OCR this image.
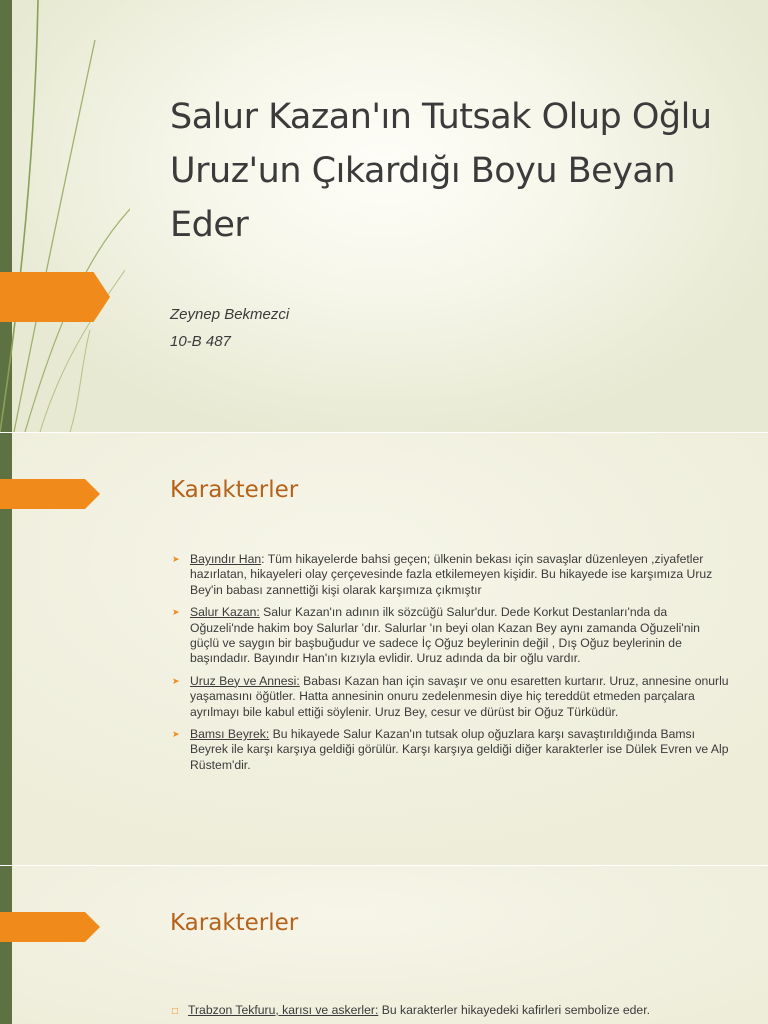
Salur Kazan'ın Tutsak Olup Oğlu Uruz'un Çıkardığı Boyu Beyan Eder
Zeynep Bekmezci
10-B 487
Karakterler
➤ Bayındır Han: Tüm hikayelerde bahsi geçen; ülkenin bekası için savaşlar düzenleyen ,ziyafetler hazırlatan, hikayeleri olay çerçevesinde fazla etkilemeyen kişidir. Bu hikayede ise karşımıza Uruz Bey'in babası zannettiği kişi olarak karşımıza çıkmıştır
➤ Salur Kazan: Salur Kazan'ın adının ilk sözcüğü Salur'dur. Dede Korkut Destanları'nda da Oğuzeli'nde hakim boy Salurlar 'dır. Salurlar 'ın beyi olan Kazan Bey aynı zamanda Oğuzeli'nin güçlü ve saygın bir başbuğudur ve sadece İç Oğuz beylerinin değil , Dış Oğuz beylerinin de başındadır. Bayındır Han'ın kızıyla evlidir. Uruz adında da bir oğlu vardır.
➤ Uruz Bey ve Annesi: Babası Kazan han için savaşır ve onu esaretten kurtarır. Uruz, annesine onurlu yaşamasını öğütler. Hatta annesinin onuru zedelenmesin diye hiç tereddüt etmeden parçalara ayrılmayı bile kabul ettiği söylenir. Uruz Bey, cesur ve dürüst bir Oğuz Türküdür.
➤ Bamsı Beyrek: Bu hikayede Salur Kazan'ın tutsak olup oğuzlara karşı savaştırıldığında Bamsı Beyrek ile karşı karşıya geldiği görülür. Karşı karşıya geldiği diğer karakterler ise Dülek Evren ve Alp Rüstem'dir.
Karakterler
□ Trabzon Tekfuru, karısı ve askerler: Bu karakterler hikayedeki kafirleri sembolize eder.
